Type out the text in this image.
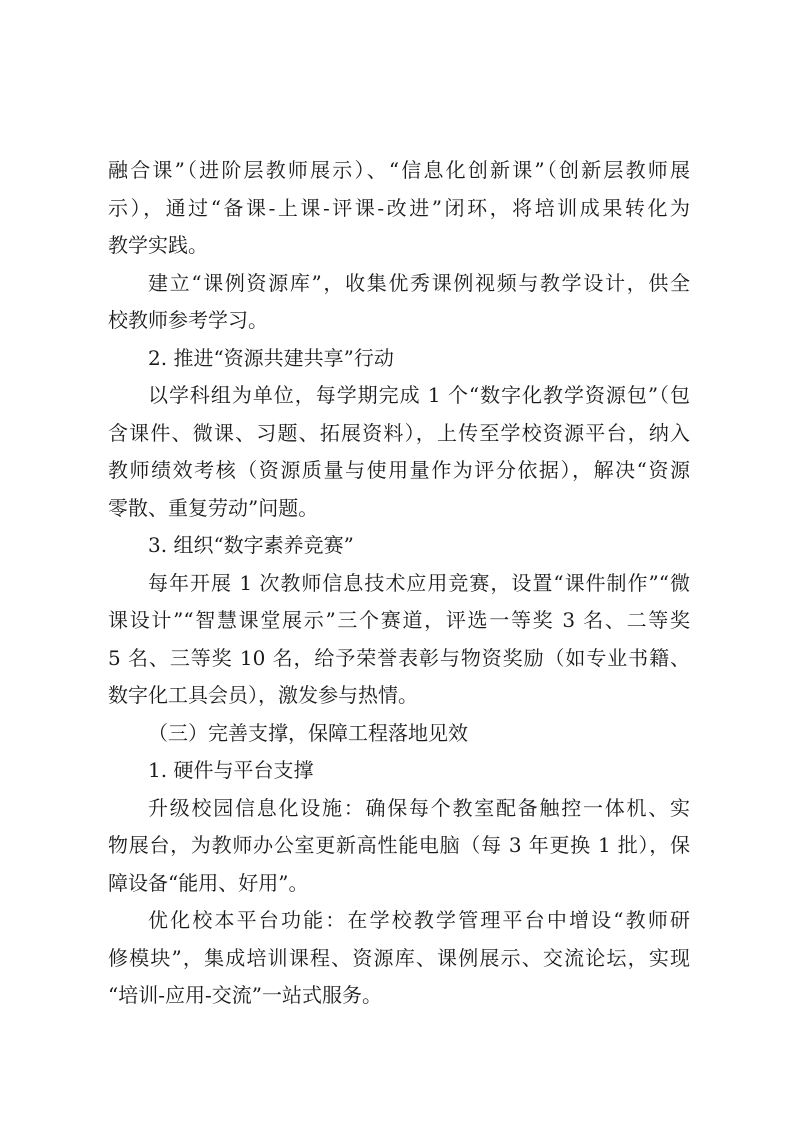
融合课”（进阶层教师展示）、“信息化创新课”（创新层教师展
示），通过“备课-上课-评课-改进”闭环，将培训成果转化为
教学实践。
建立“课例资源库”，收集优秀课例视频与教学设计，供全
校教师参考学习。
2. 推进“资源共建共享”行动
以学科组为单位，每学期完成 1 个“数字化教学资源包”（包
含课件、微课、习题、拓展资料），上传至学校资源平台，纳入
教师绩效考核（资源质量与使用量作为评分依据），解决“资源
零散、重复劳动”问题。
3. 组织“数字素养竞赛”
每年开展 1 次教师信息技术应用竞赛，设置“课件制作”“微
课设计”“智慧课堂展示”三个赛道，评选一等奖 3 名、二等奖
5 名、三等奖 10 名，给予荣誉表彰与物资奖励（如专业书籍、
数字化工具会员），激发参与热情。
（三）完善支撑，保障工程落地见效
1. 硬件与平台支撑
升级校园信息化设施：确保每个教室配备触控一体机、实
物展台，为教师办公室更新高性能电脑（每 3 年更换 1 批），保
障设备“能用、好用”。
优化校本平台功能：在学校教学管理平台中增设“教师研
修模块”，集成培训课程、资源库、课例展示、交流论坛，实现
“培训-应用-交流”一站式服务。
